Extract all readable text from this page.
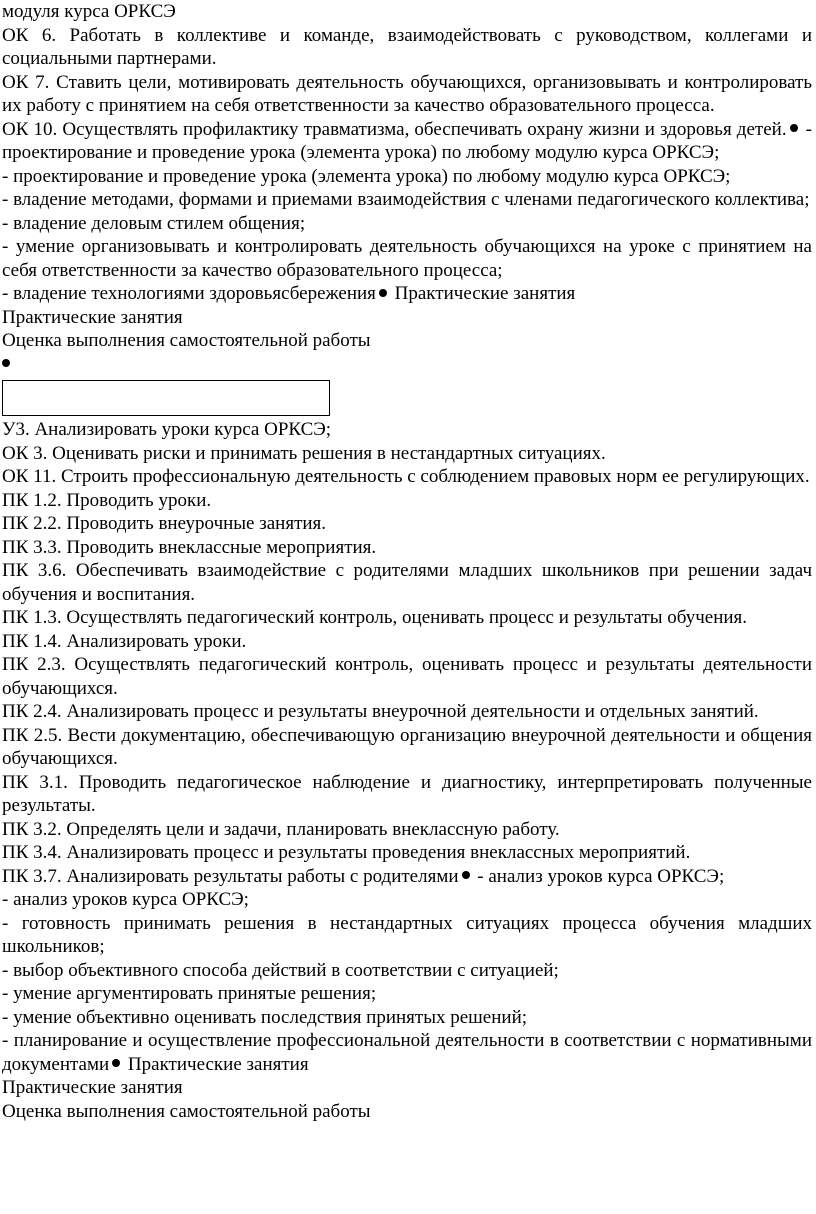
модуля курса ОРКСЭ

ОК 6. Работать в коллективе и команде, взаимодействовать с руководством, коллегами и социальными партнерами.

ОК 7. Ставить цели, мотивировать деятельность обучающихся, организовывать и контролировать их работу с принятием на себя ответственности за качество образовательного процесса.

ОК 10. Осуществлять профилактику травматизма, обеспечивать охрану жизни и здоровья детей. - проектирование и проведение урока (элемента урока) по любому модулю курса ОРКСЭ;

- проектирование и проведение урока (элемента урока) по любому модулю курса ОРКСЭ;

- владение методами, формами и приемами взаимодействия с членами педагогического коллектива;

- владение деловым стилем общения;

- умение организовывать и контролировать деятельность обучающихся на уроке с принятием на себя ответственности за качество образовательного процесса;

- владение технологиями здоровьясбережения Практические занятия

Практические занятия

Оценка выполнения самостоятельной работы

У3. Анализировать уроки курса ОРКСЭ;

ОК 3. Оценивать риски и принимать решения в нестандартных ситуациях.

ОК 11. Строить профессиональную деятельность с соблюдением правовых норм ее регулирующих.

ПК 1.2. Проводить уроки.

ПК 2.2. Проводить внеурочные занятия.

ПК 3.3. Проводить внеклассные мероприятия.

ПК 3.6. Обеспечивать взаимодействие с родителями младших школьников при решении задач обучения и воспитания.

ПК 1.3. Осуществлять педагогический контроль, оценивать процесс и результаты обучения.

ПК 1.4. Анализировать уроки.

ПК 2.3. Осуществлять педагогический контроль, оценивать процесс и результаты деятельности обучающихся.

ПК 2.4. Анализировать процесс и результаты внеурочной деятельности и отдельных занятий.

ПК 2.5. Вести документацию, обеспечивающую организацию внеурочной деятельности и общения обучающихся.

ПК 3.1. Проводить педагогическое наблюдение и диагностику, интерпретировать полученные результаты.

ПК 3.2. Определять цели и задачи, планировать внеклассную работу.

ПК 3.4. Анализировать процесс и результаты проведения внеклассных мероприятий.

ПК 3.7. Анализировать результаты работы с родителями - анализ уроков курса ОРКСЭ;

- анализ уроков курса ОРКСЭ;

- готовность принимать решения в нестандартных ситуациях процесса обучения младших школьников;

- выбор объективного способа действий в соответствии с ситуацией;

- умение аргументировать принятые решения;

- умение объективно оценивать последствия принятых решений;

- планирование и осуществление профессиональной деятельности в соответствии с нормативными документами Практические занятия

Практические занятия

Оценка выполнения самостоятельной работы
